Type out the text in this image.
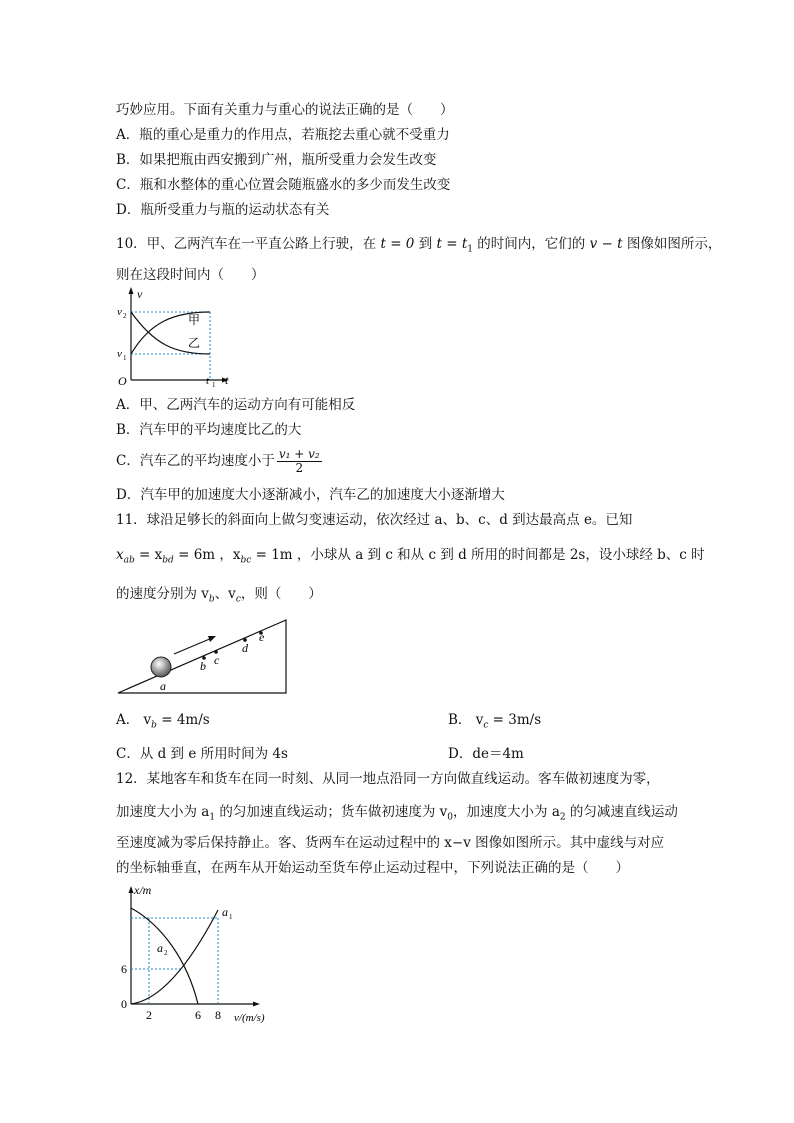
巧妙应用。下面有关重力与重心的说法正确的是（　　）
A．瓶的重心是重力的作用点，若瓶挖去重心就不受重力
B．如果把瓶由西安搬到广州，瓶所受重力会发生改变
C．瓶和水整体的重心位置会随瓶盛水的多少而发生改变
D．瓶所受重力与瓶的运动状态有关
10．甲、乙两汽车在一平直公路上行驶，在 t = 0 到 $t = t_1$ 的时间内，它们的 v − t 图像如图所示，
则在这段时间内（　　）
v
t
O
v 2
v 1
t 1
甲
乙
A．甲、乙两汽车的运动方向有可能相反
B．汽车甲的平均速度比乙的大
C．汽车乙的平均速度小于 $\frac{\text{v₁ + v₂}}{2}$
D．汽车甲的加速度大小逐渐减小，汽车乙的加速度大小逐渐增大
11．球沿足够长的斜面向上做匀变速运动，依次经过 a、b、c、d 到达最高点 e。已知
$x_{ab} = x_{bd} = 6m$ ，$x_{bc} = 1m$ ，小球从 a 到 c 和从 c 到 d 所用的时间都是 2s，设小球经 b、c 时
的速度分别为 $v_b$、$v_c$，则（　　）
a
b c
d
e
A． $v_b = 4m/s$	B． $v_c = 3m/s$
C．从 d 到 e 所用时间为 4s	D．de＝4m
12．某地客车和货车在同一时刻、从同一地点沿同一方向做直线运动。客车做初速度为零，
加速度大小为 $a_1$ 的匀加速直线运动；货车做初速度为 $v_0$，加速度大小为 $a_2$ 的匀减速直线运动
至速度减为零后保持静止。客、货两车在运动过程中的 x−v 图像如图所示。其中虚线与对应
的坐标轴垂直，在两车从开始运动至货车停止运动过程中，下列说法正确的是（　　）
x/m
v/(m/s)
6
0
2	6 8
a 1
a 2
